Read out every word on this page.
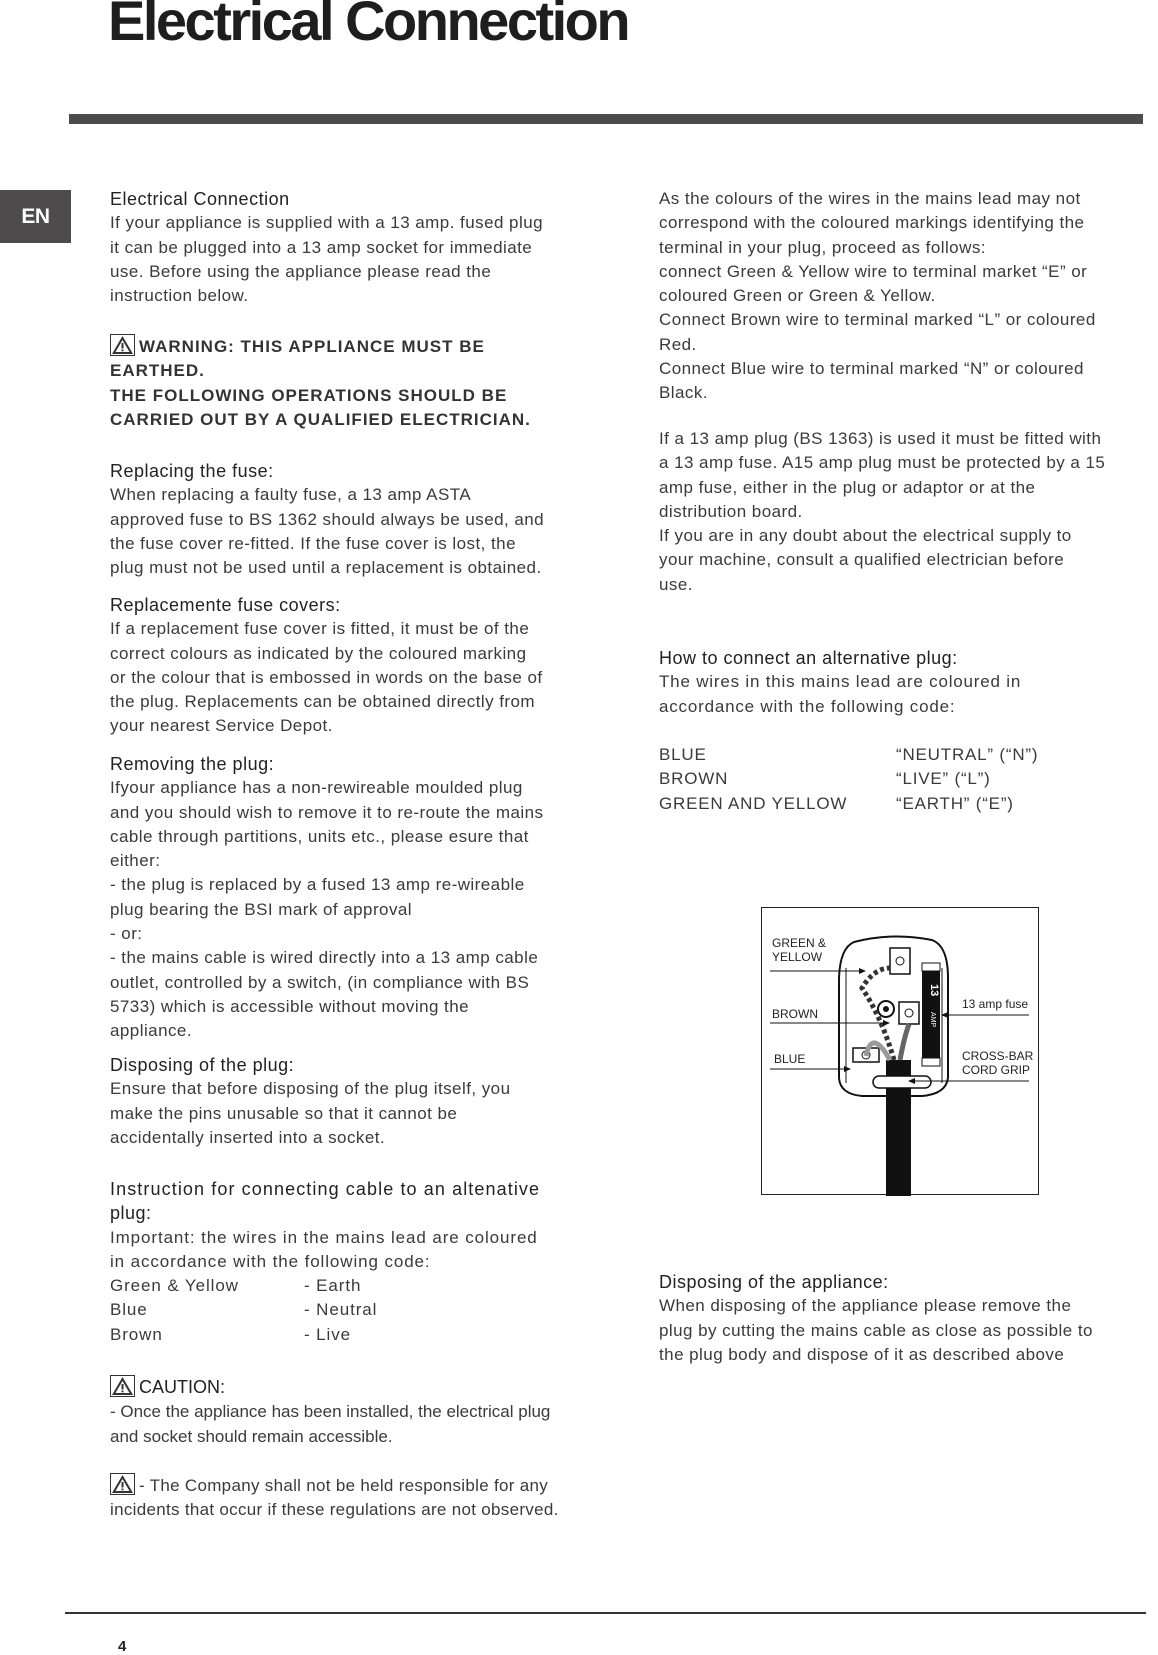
Electrical Connection
EN
Electrical Connection
If your appliance is supplied with a 13 amp. fused plug
it can be plugged into a 13 amp socket for immediate
use. Before using the appliance please read the
instruction below.
WARNING: THIS APPLIANCE MUST BE
EARTHED.
THE FOLLOWING OPERATIONS SHOULD BE
CARRIED OUT BY A QUALIFIED ELECTRICIAN.
Replacing the fuse:
When replacing a faulty fuse, a 13 amp ASTA
approved fuse to BS 1362 should always be used, and
the fuse cover re-fitted. If the fuse cover is lost, the
plug must not be used until a replacement is obtained.
Replacemente fuse covers:
If a replacement fuse cover is fitted, it must be of the
correct colours as indicated by the coloured marking
or the colour that is embossed in words on the base of
the plug. Replacements can be obtained directly from
your nearest Service Depot.
Removing the plug:
Ifyour appliance has a non-rewireable moulded plug
and you should wish to remove it to re-route the mains
cable through partitions, units etc., please esure that
either:
- the plug is replaced by a fused 13 amp re-wireable
plug bearing the BSI mark of approval
- or:
- the mains cable is wired directly into a 13 amp cable
outlet, controlled by a switch, (in compliance with BS
5733) which is accessible without moving the
appliance.
Disposing of the plug:
Ensure that before disposing of the plug itself, you
make the pins unusable so that it cannot be
accidentally inserted into a socket.
Instruction for connecting cable to an altenative
plug:
Important: the wires in the mains lead are coloured
in accordance with the following code:
Green & Yellow	- Earth
Blue	- Neutral
Brown	- Live
CAUTION:
- Once the appliance has been installed, the electrical plug
and socket should remain accessible.
- The Company shall not be held responsible for any
incidents that occur if these regulations are not observed.
As the colours of the wires in the mains lead may not
correspond with the coloured markings identifying the
terminal in your plug, proceed as follows:
connect Green & Yellow wire to terminal market “E” or
coloured Green or Green & Yellow.
Connect Brown wire to terminal marked “L” or coloured
Red.
Connect Blue wire to terminal marked “N” or coloured
Black.
If a 13 amp plug (BS 1363) is used it must be fitted with
a 13 amp fuse. A15 amp plug must be protected by a 15
amp fuse, either in the plug or adaptor or at the
distribution board.
If you are in any doubt about the electrical supply to
your machine, consult a qualified electrician before
use.
How to connect an alternative plug:
The wires in this mains lead are coloured in
accordance with the following code:

BLUE	“NEUTRAL” (“N”)
BROWN	“LIVE” (“L”)
GREEN AND YELLOW	“EARTH” (“E”)
13
AMP
GREEN &
YELLOW
BROWN
BLUE
13 amp fuse
CROSS-BAR
CORD GRIP
Disposing of the appliance:
When disposing of the appliance please remove the
plug by cutting the mains cable as close as possible to
the plug body and dispose of it as described above
4
